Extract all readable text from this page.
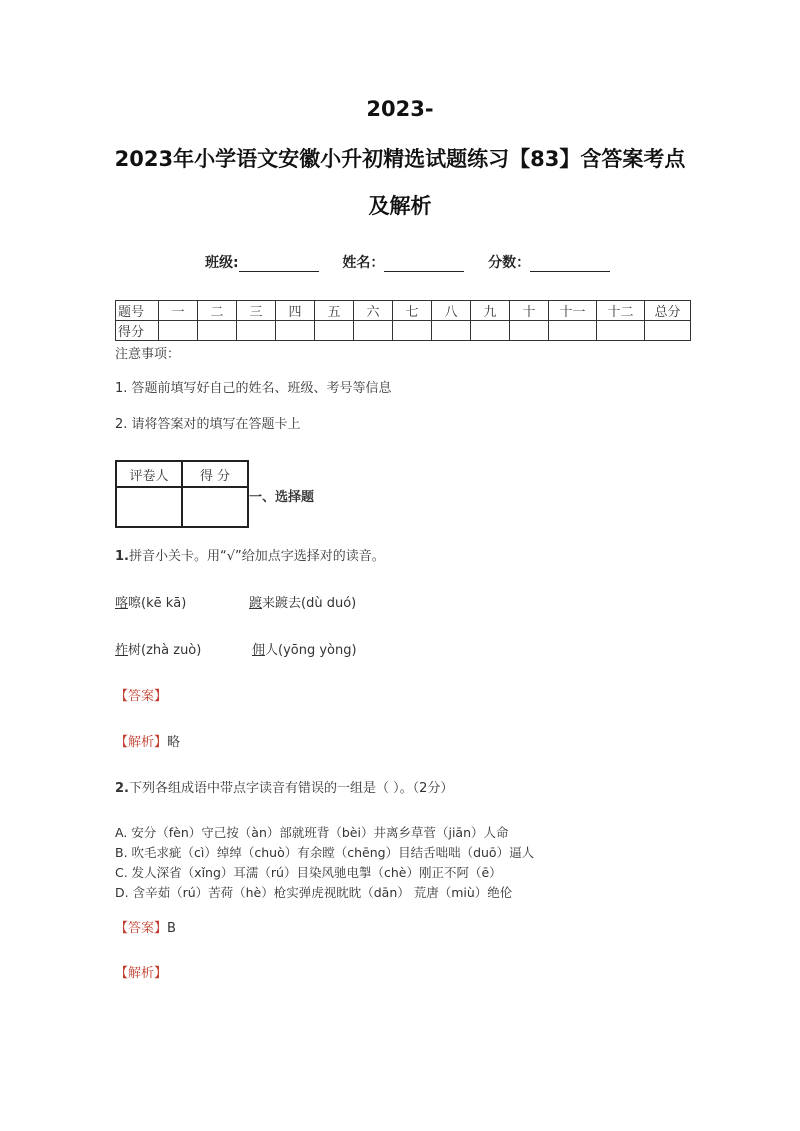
2023-
2023年小学语文安徽小升初精选试题练习【83】含答案考点
及解析
班级:	姓名：	分数：
题号	一	二	三	四	五	六	七	八	九	十	十一	十二	总分
得分													
注意事项：
1. 答题前填写好自己的姓名、班级、考号等信息
2. 请将答案对的填写在答题卡上
评卷人	得 分

一、选择题
1.拼音小关卡。用“√”给加点字选择对的读音。
喀嚓(kē kā)	踱来踱去(dù duó)
柞树(zhà zuò)	佣人(yōng yòng)
【答案】
【解析】略
2.下列各组成语中带点字读音有错误的一组是（ ）。（2分）
A. 安分（fèn）守己按（àn）部就班背（bèi）井离乡草菅（jiān）人命
B. 吹毛求疵（cì）绰绰（chuò）有余瞠（chēng）目结舌咄咄（duō）逼人
C. 发人深省（xǐng）耳濡（rú）目染风驰电掣（chè）刚正不阿（ē）
D. 含辛茹（rú）苦荷（hè）枪实弹虎视眈眈（dān） 荒唐（miù）绝伦
【答案】B
【解析】
